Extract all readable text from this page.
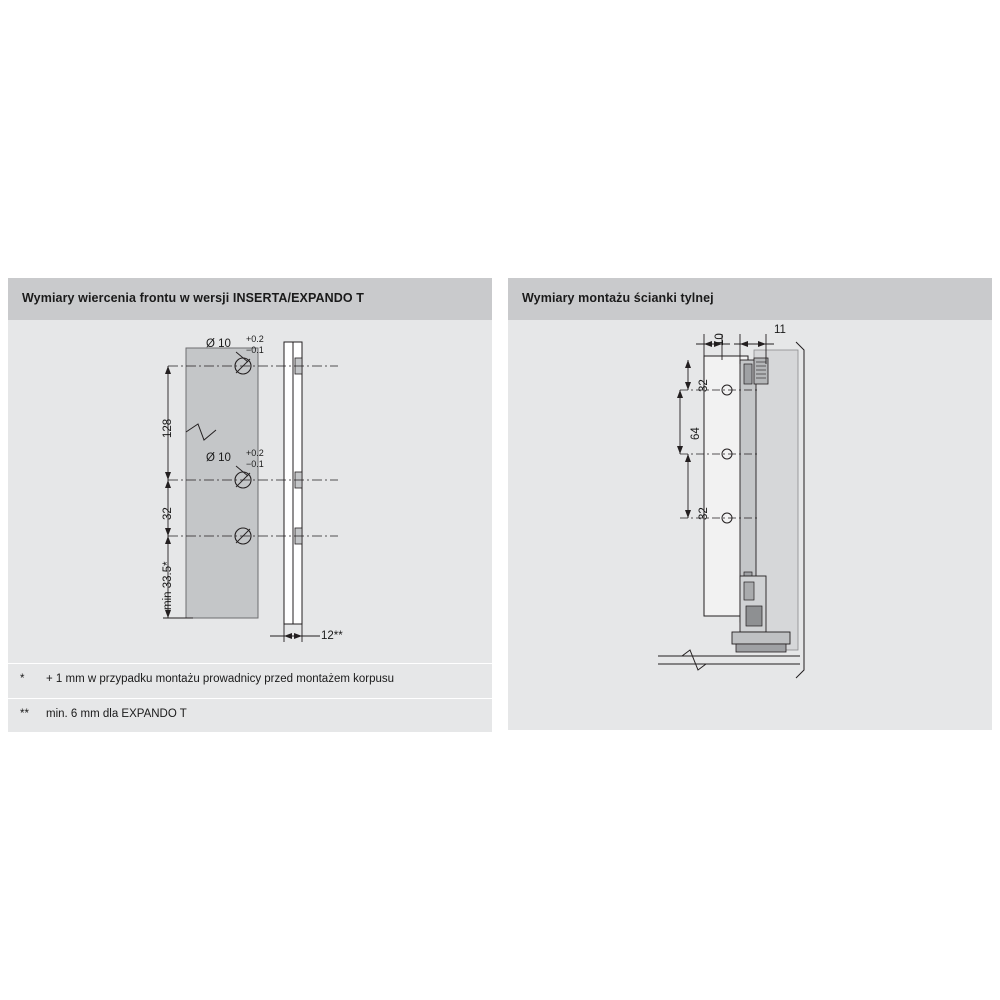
Wymiary wiercenia frontu w wersji INSERTA/EXPANDO T
Ø 10 +0.2
−0.1
Ø 10 +0.2
−0.1
128
32
min 33.5*
12**
* + 1 mm w przypadku montażu prowadnicy przed montażem korpusu
** min. 6 mm dla EXPANDO T
Wymiary montażu ścianki tylnej
10
11
32
64
32
